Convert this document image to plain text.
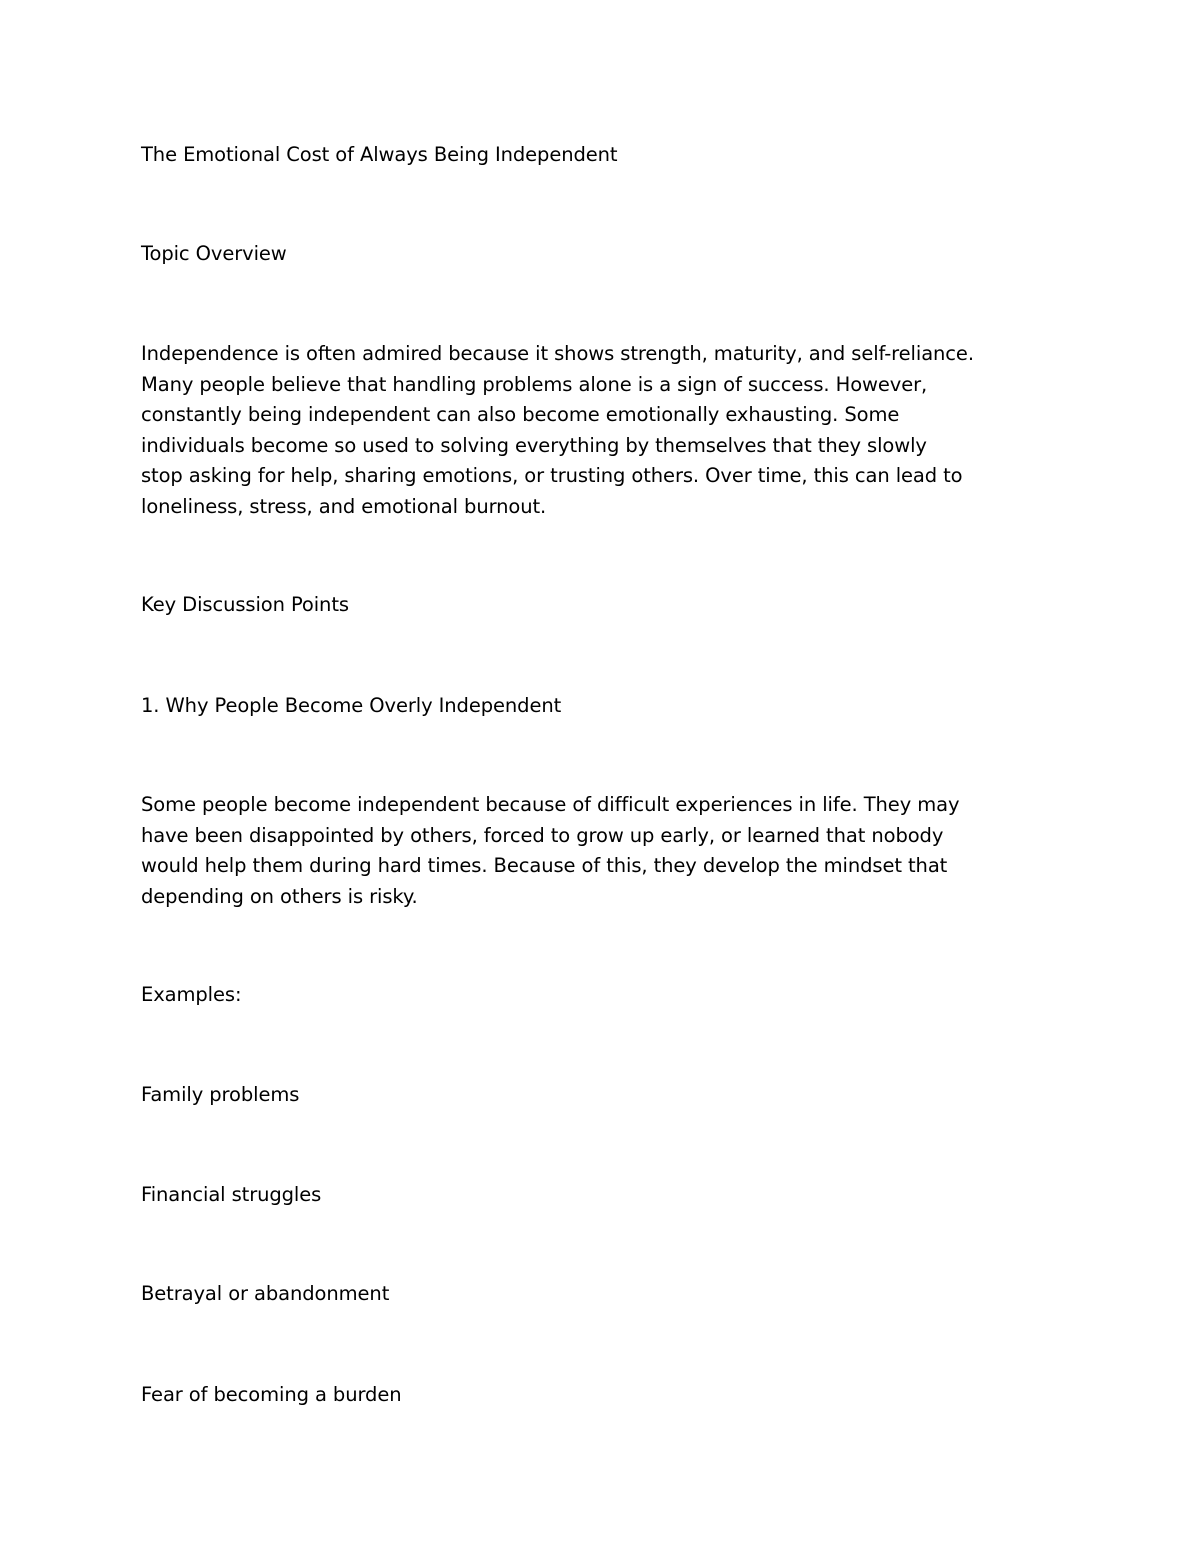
The Emotional Cost of Always Being Independent
Topic Overview
Independence is often admired because it shows strength, maturity, and self-reliance.
Many people believe that handling problems alone is a sign of success. However,
constantly being independent can also become emotionally exhausting. Some
individuals become so used to solving everything by themselves that they slowly
stop asking for help, sharing emotions, or trusting others. Over time, this can lead to
loneliness, stress, and emotional burnout.
Key Discussion Points
1. Why People Become Overly Independent
Some people become independent because of difficult experiences in life. They may
have been disappointed by others, forced to grow up early, or learned that nobody
would help them during hard times. Because of this, they develop the mindset that
depending on others is risky.
Examples:
Family problems
Financial struggles
Betrayal or abandonment
Fear of becoming a burden
